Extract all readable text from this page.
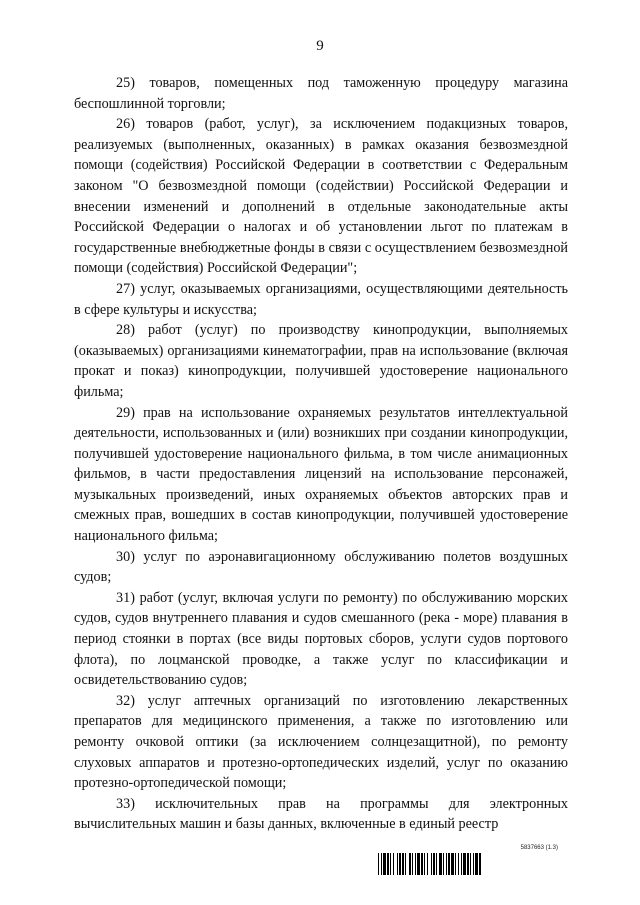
9

25) товаров, помещенных под таможенную процедуру магазина беспошлинной торговли;

26) товаров (работ, услуг), за исключением подакцизных товаров, реализуемых (выполненных, оказанных) в рамках оказания безвозмездной помощи (содействия) Российской Федерации в соответствии с Федеральным законом "О безвозмездной помощи (содействии) Российской Федерации и внесении изменений и дополнений в отдельные законодательные акты Российской Федерации о налогах и об установлении льгот по платежам в государственные внебюджетные фонды в связи с осуществлением безвозмездной помощи (содействия) Российской Федерации";

27) услуг, оказываемых организациями, осуществляющими деятельность в сфере культуры и искусства;

28) работ (услуг) по производству кинопродукции, выполняемых (оказываемых) организациями кинематографии, прав на использование (включая прокат и показ) кинопродукции, получившей удостоверение национального фильма;

29) прав на использование охраняемых результатов интеллектуальной деятельности, использованных и (или) возникших при создании кинопродукции, получившей удостоверение национального фильма, в том числе анимационных фильмов, в части предоставления лицензий на использование персонажей, музыкальных произведений, иных охраняемых объектов авторских прав и смежных прав, вошедших в состав кинопродукции, получившей удостоверение национального фильма;

30) услуг по аэронавигационному обслуживанию полетов воздушных судов;

31) работ (услуг, включая услуги по ремонту) по обслуживанию морских судов, судов внутреннего плавания и судов смешанного (река - море) плавания в период стоянки в портах (все виды портовых сборов, услуги судов портового флота), по лоцманской проводке, а также услуг по классификации и освидетельствованию судов;

32) услуг аптечных организаций по изготовлению лекарственных препаратов для медицинского применения, а также по изготовлению или ремонту очковой оптики (за исключением солнцезащитной), по ремонту слуховых аппаратов и протезно-ортопедических изделий, услуг по оказанию протезно-ортопедической помощи;

33) исключительных прав на программы для электронных вычислительных машин и базы данных, включенные в единый реестр

5837663 (1.3)
